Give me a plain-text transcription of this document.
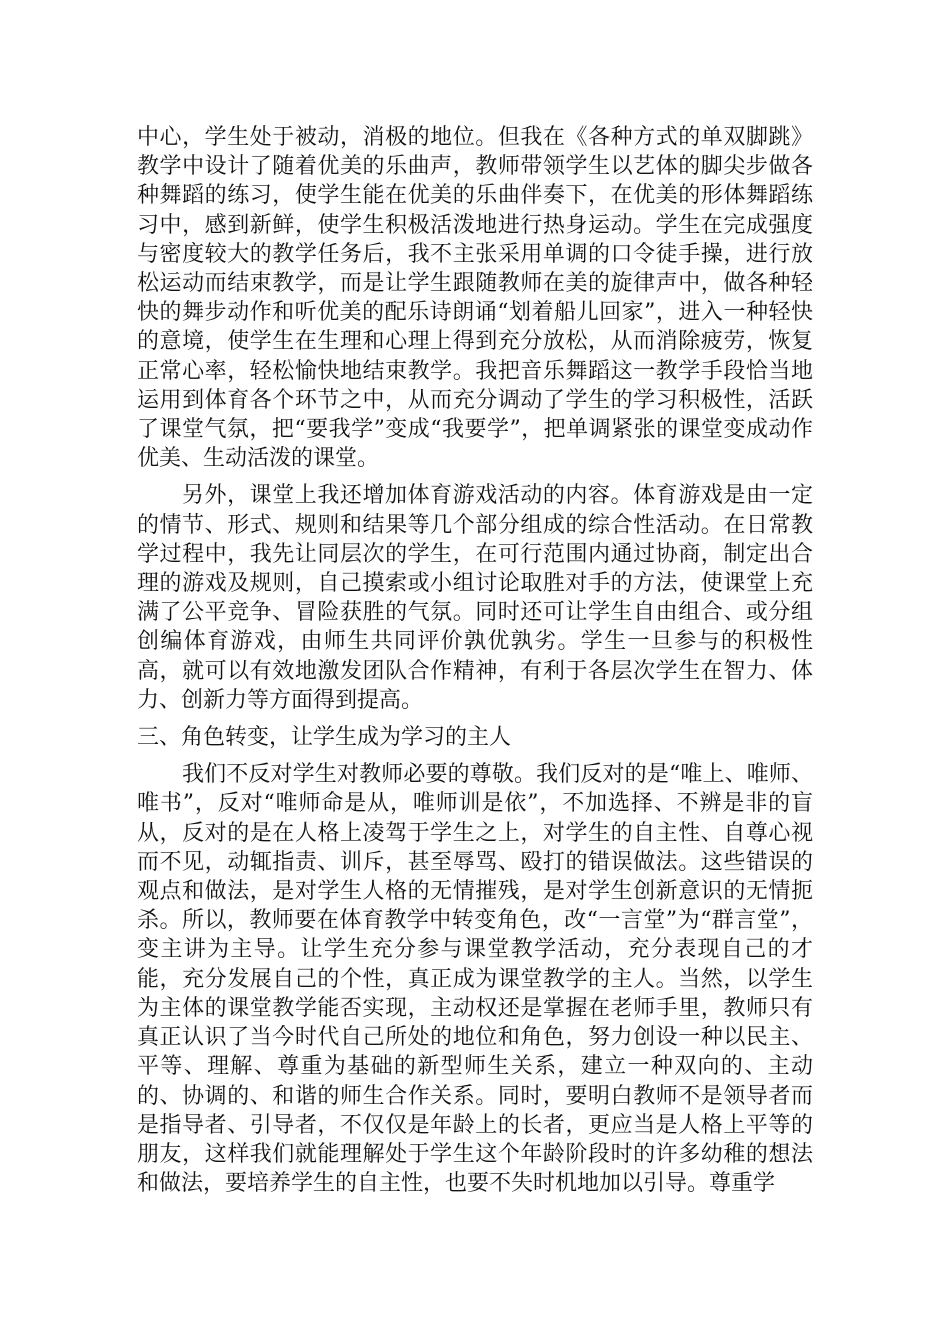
中心，学生处于被动，消极的地位。但我在《各种方式的单双脚跳》教学中设计了随着优美的乐曲声，教师带领学生以艺体的脚尖步做各种舞蹈的练习，使学生能在优美的乐曲伴奏下，在优美的形体舞蹈练习中，感到新鲜，使学生积极活泼地进行热身运动。学生在完成强度与密度较大的教学任务后，我不主张采用单调的口令徒手操，进行放松运动而结束教学，而是让学生跟随教师在美的旋律声中，做各种轻快的舞步动作和听优美的配乐诗朗诵“划着船儿回家”，进入一种轻快的意境，使学生在生理和心理上得到充分放松，从而消除疲劳，恢复正常心率，轻松愉快地结束教学。我把音乐舞蹈这一教学手段恰当地运用到体育各个环节之中，从而充分调动了学生的学习积极性，活跃了课堂气氛，把“要我学”变成“我要学”，把单调紧张的课堂变成动作优美、生动活泼的课堂。

另外，课堂上我还增加体育游戏活动的内容。体育游戏是由一定的情节、形式、规则和结果等几个部分组成的综合性活动。在日常教学过程中，我先让同层次的学生，在可行范围内通过协商，制定出合理的游戏及规则，自己摸索或小组讨论取胜对手的方法，使课堂上充满了公平竞争、冒险获胜的气氛。同时还可让学生自由组合、或分组创编体育游戏，由师生共同评价孰优孰劣。学生一旦参与的积极性高，就可以有效地激发团队合作精神，有利于各层次学生在智力、体力、创新力等方面得到提高。

三、角色转变，让学生成为学习的主人

我们不反对学生对教师必要的尊敬。我们反对的是“唯上、唯师、唯书”，反对“唯师命是从，唯师训是依”，不加选择、不辨是非的盲从，反对的是在人格上凌驾于学生之上，对学生的自主性、自尊心视而不见，动辄指责、训斥，甚至辱骂、殴打的错误做法。这些错误的观点和做法，是对学生人格的无情摧残，是对学生创新意识的无情扼杀。所以，教师要在体育教学中转变角色，改“一言堂”为“群言堂”，变主讲为主导。让学生充分参与课堂教学活动，充分表现自己的才能，充分发展自己的个性，真正成为课堂教学的主人。当然，以学生为主体的课堂教学能否实现，主动权还是掌握在老师手里，教师只有真正认识了当今时代自己所处的地位和角色，努力创设一种以民主、平等、理解、尊重为基础的新型师生关系，建立一种双向的、主动的、协调的、和谐的师生合作关系。同时，要明白教师不是领导者而是指导者、引导者，不仅仅是年龄上的长者，更应当是人格上平等的朋友，这样我们就能理解处于学生这个年龄阶段时的许多幼稚的想法和做法，要培养学生的自主性，也要不失时机地加以引导。尊重学
